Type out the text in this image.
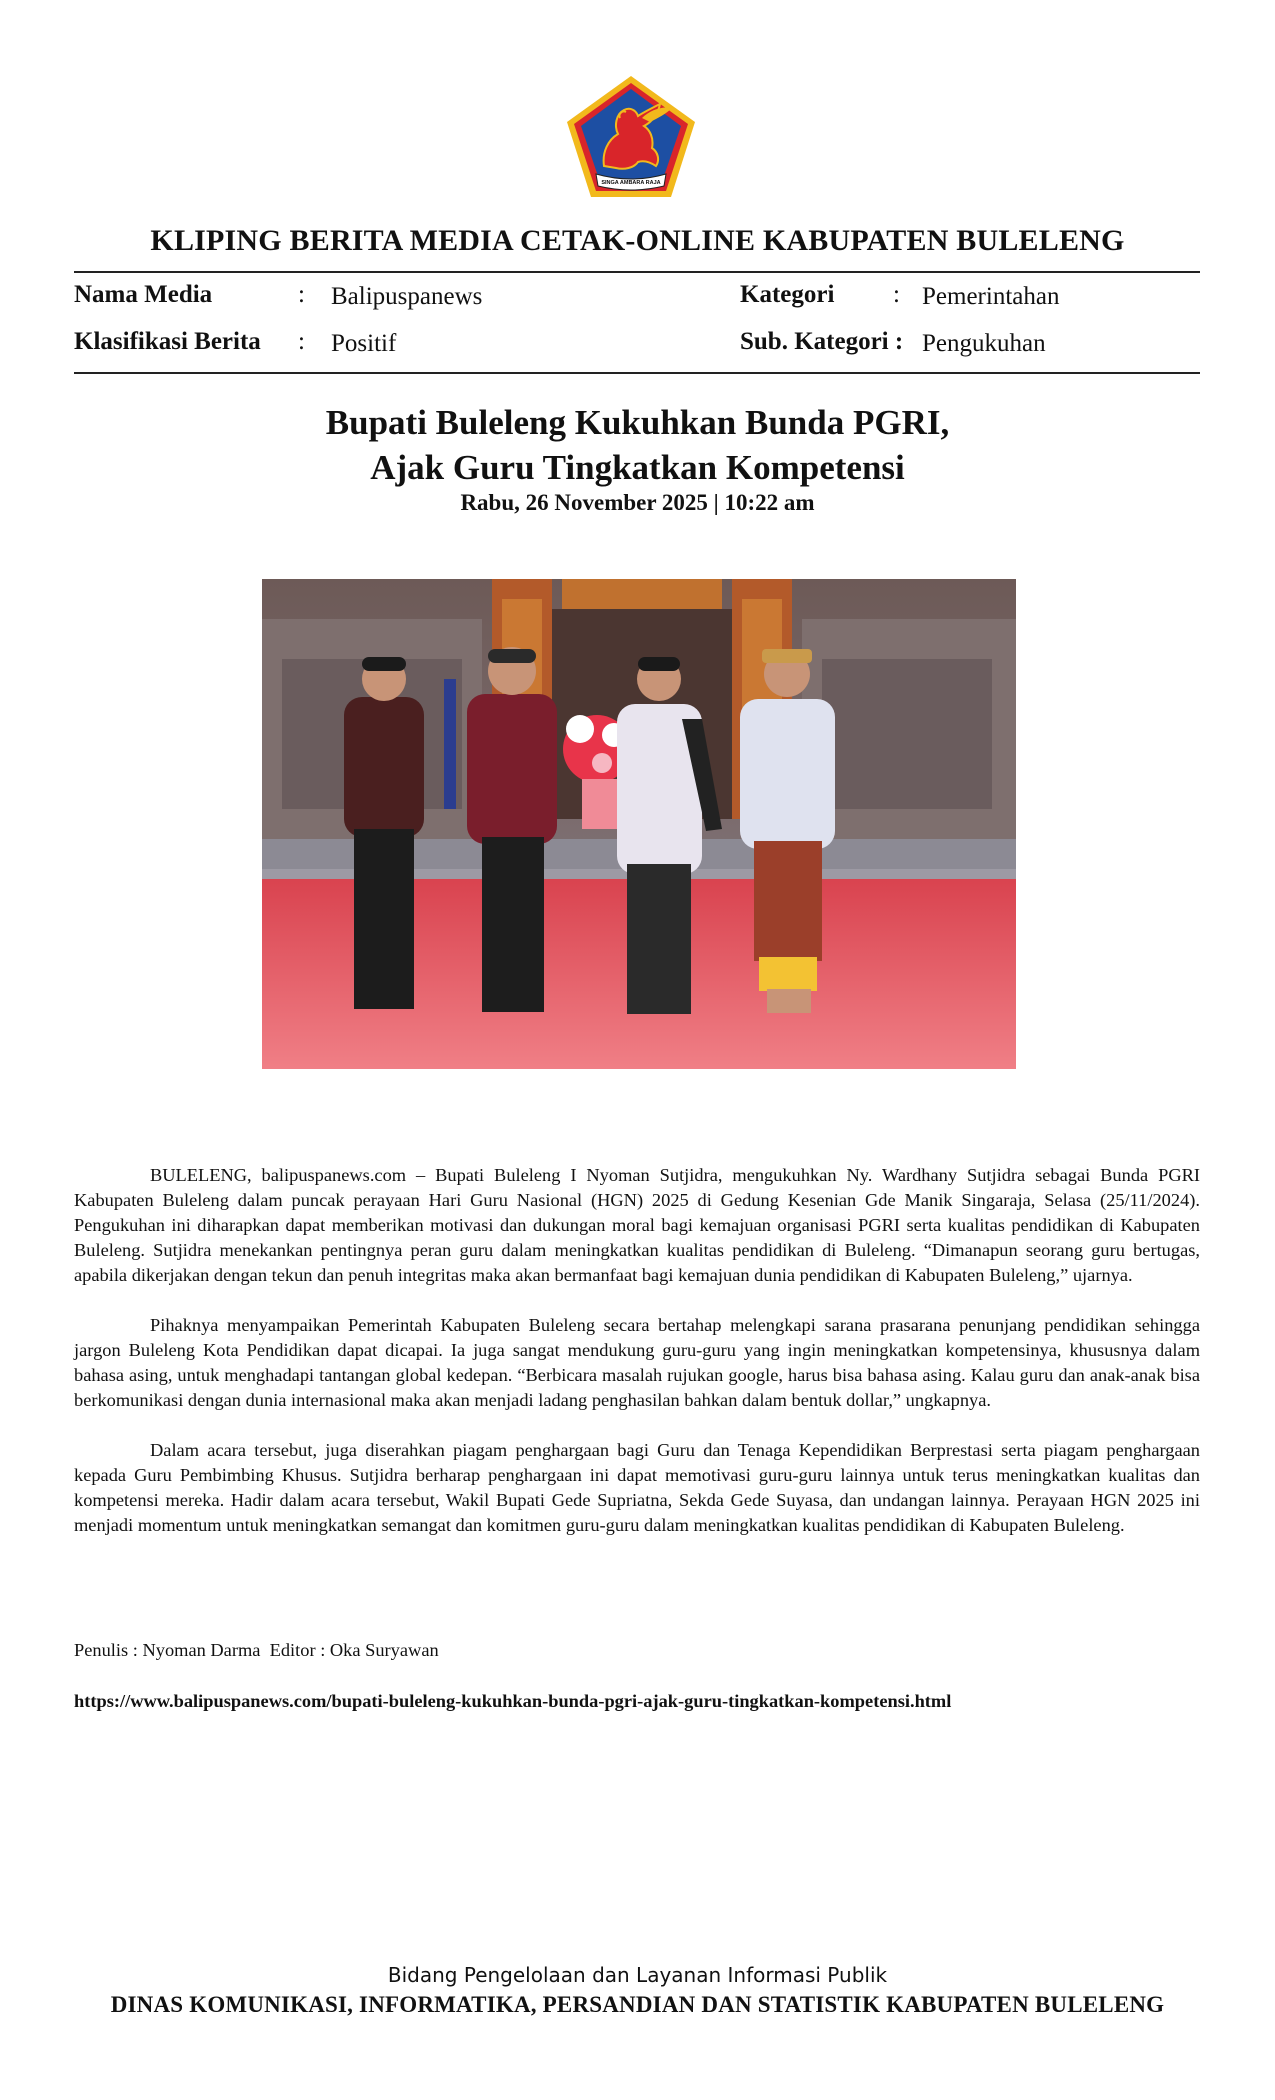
SINGA AMBARA RAJA
KLIPING BERITA MEDIA CETAK-ONLINE KABUPATEN BULELENG
Nama Media	: Balipuspanews
Klasifikasi Berita : Positif
Kategori : Pemerintahan
Sub. Kategori : Pengukuhan
Bupati Buleleng Kukuhkan Bunda PGRI,
Ajak Guru Tingkatkan Kompetensi
Rabu, 26 November 2025 | 10:22 am

BULELENG, balipuspanews.com – Bupati Buleleng I Nyoman Sutjidra, mengukuhkan Ny. Wardhany Sutjidra sebagai Bunda PGRI Kabupaten Buleleng dalam puncak perayaan Hari Guru Nasional (HGN) 2025 di Gedung Kesenian Gde Manik Singaraja, Selasa (25/11/2024). Pengukuhan ini diharapkan dapat memberikan motivasi dan dukungan moral bagi kemajuan organisasi PGRI serta kualitas pendidikan di Kabupaten Buleleng. Sutjidra menekankan pentingnya peran guru dalam meningkatkan kualitas pendidikan di Buleleng. “Dimanapun seorang guru bertugas, apabila dikerjakan dengan tekun dan penuh integritas maka akan bermanfaat bagi kemajuan dunia pendidikan di Kabupaten Buleleng,” ujarnya.

Pihaknya menyampaikan Pemerintah Kabupaten Buleleng secara bertahap melengkapi sarana prasarana penunjang pendidikan sehingga jargon Buleleng Kota Pendidikan dapat dicapai. Ia juga sangat mendukung guru-guru yang ingin meningkatkan kompetensinya, khususnya dalam bahasa asing, untuk menghadapi tantangan global kedepan. “Berbicara masalah rujukan google, harus bisa bahasa asing. Kalau guru dan anak-anak bisa berkomunikasi dengan dunia internasional maka akan menjadi ladang penghasilan bahkan dalam bentuk dollar,” ungkapnya.

Dalam acara tersebut, juga diserahkan piagam penghargaan bagi Guru dan Tenaga Kependidikan Berprestasi serta piagam penghargaan kepada Guru Pembimbing Khusus. Sutjidra berharap penghargaan ini dapat memotivasi guru-guru lainnya untuk terus meningkatkan kualitas dan kompetensi mereka. Hadir dalam acara tersebut, Wakil Bupati Gede Supriatna, Sekda Gede Suyasa, dan undangan lainnya. Perayaan HGN 2025 ini menjadi momentum untuk meningkatkan semangat dan komitmen guru-guru dalam meningkatkan kualitas pendidikan di Kabupaten Buleleng.

Penulis : Nyoman Darma  Editor : Oka Suryawan
https://www.balipuspanews.com/bupati-buleleng-kukuhkan-bunda-pgri-ajak-guru-tingkatkan-kompetensi.html
Bidang Pengelolaan dan Layanan Informasi Publik
DINAS KOMUNIKASI, INFORMATIKA, PERSANDIAN DAN STATISTIK KABUPATEN BULELENG
